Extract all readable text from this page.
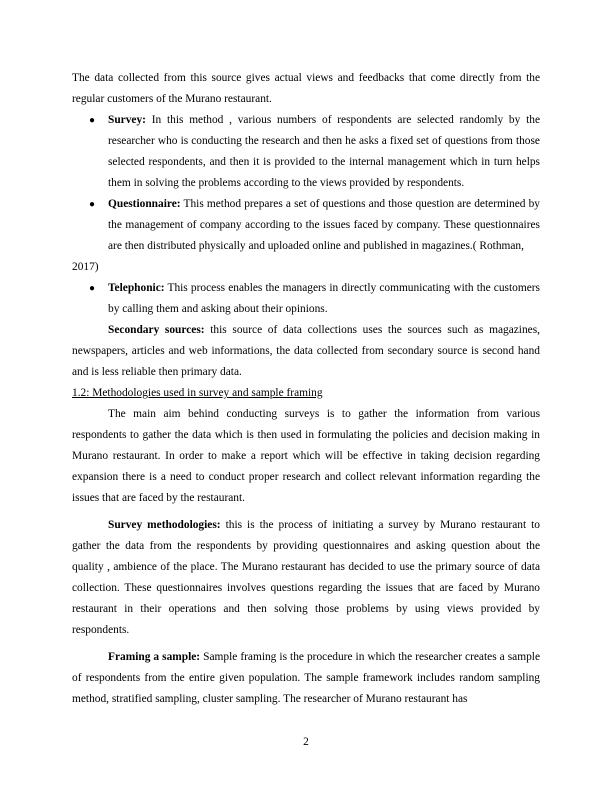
The data collected from this source gives actual views and feedbacks that come directly from the regular customers of the Murano restaurant.

● Survey: In this method , various numbers of respondents are selected randomly by the researcher who is conducting the research and then he asks a fixed set of questions from those selected respondents, and then it is provided to the internal management which in turn helps them in solving the problems according to the views provided by respondents.
● Questionnaire: This method prepares a set of questions and those question are determined by the management of company according to the issues faced by company. These questionnaires are then distributed physically and uploaded online and published in magazines.( Rothman,

2017)

● Telephonic: This process enables the managers in directly communicating with the customers by calling them and asking about their opinions.

Secondary sources: this source of data collections uses the sources such as magazines, newspapers, articles and web informations, the data collected from secondary source is second hand and is less reliable then primary data.

1.2: Methodologies used in survey and sample framing

The main aim behind conducting surveys is to gather the information from various respondents to gather the data which is then used in formulating the policies and decision making in Murano restaurant. In order to make a report which will be effective in taking decision regarding expansion there is a need to conduct proper research and collect relevant information regarding the issues that are faced by the restaurant.

Survey methodologies: this is the process of initiating a survey by Murano restaurant to gather the data from the respondents by providing questionnaires and asking question about the quality , ambience of the place. The Murano restaurant has decided to use the primary source of data collection. These questionnaires involves questions regarding the issues that are faced by Murano restaurant in their operations and then solving those problems by using views provided by respondents.

Framing a sample: Sample framing is the procedure in which the researcher creates a sample of respondents from the entire given population. The sample framework includes random sampling method, stratified sampling, cluster sampling. The researcher of Murano restaurant has

2
